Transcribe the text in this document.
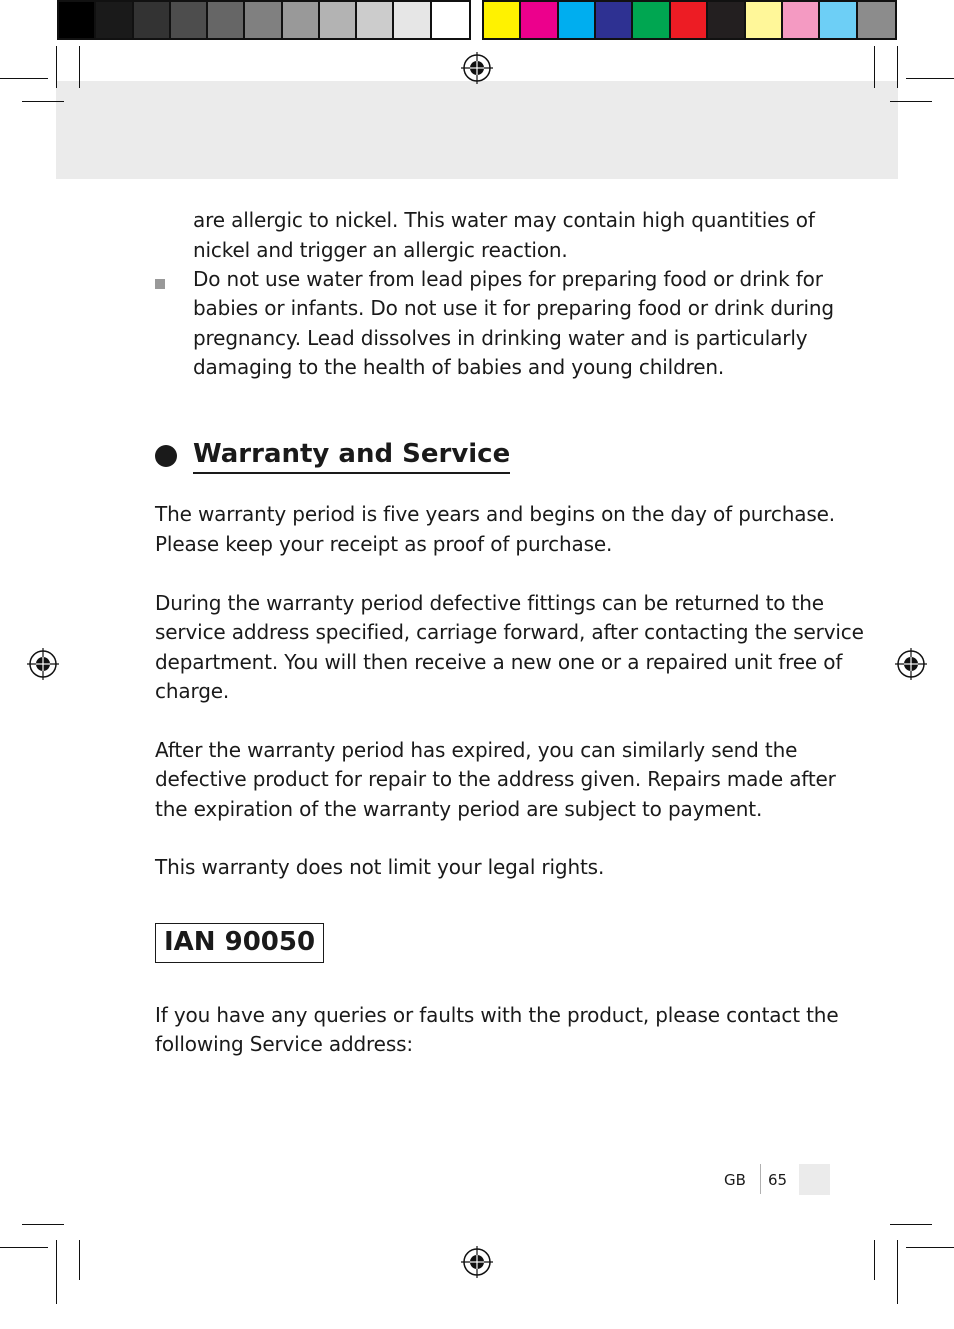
are allergic to nickel. This water may contain high quantities of
nickel and trigger an allergic reaction.
Do not use water from lead pipes for preparing food or drink for
babies or infants. Do not use it for preparing food or drink during
pregnancy. Lead dissolves in drinking water and is particularly
damaging to the health of babies and young children.
Warranty and Service
The warranty period is five years and begins on the day of purchase.
Please keep your receipt as proof of purchase.
During the warranty period defective fittings can be returned to the
service address specified, carriage forward, after contacting the service
department. You will then receive a new one or a repaired unit free of
charge.
After the warranty period has expired, you can similarly send the
defective product for repair to the address given. Repairs made after
the expiration of the warranty period are subject to payment.
This warranty does not limit your legal rights.
IAN 90050
If you have any queries or faults with the product, please contact the
following Service address:
GB 65
